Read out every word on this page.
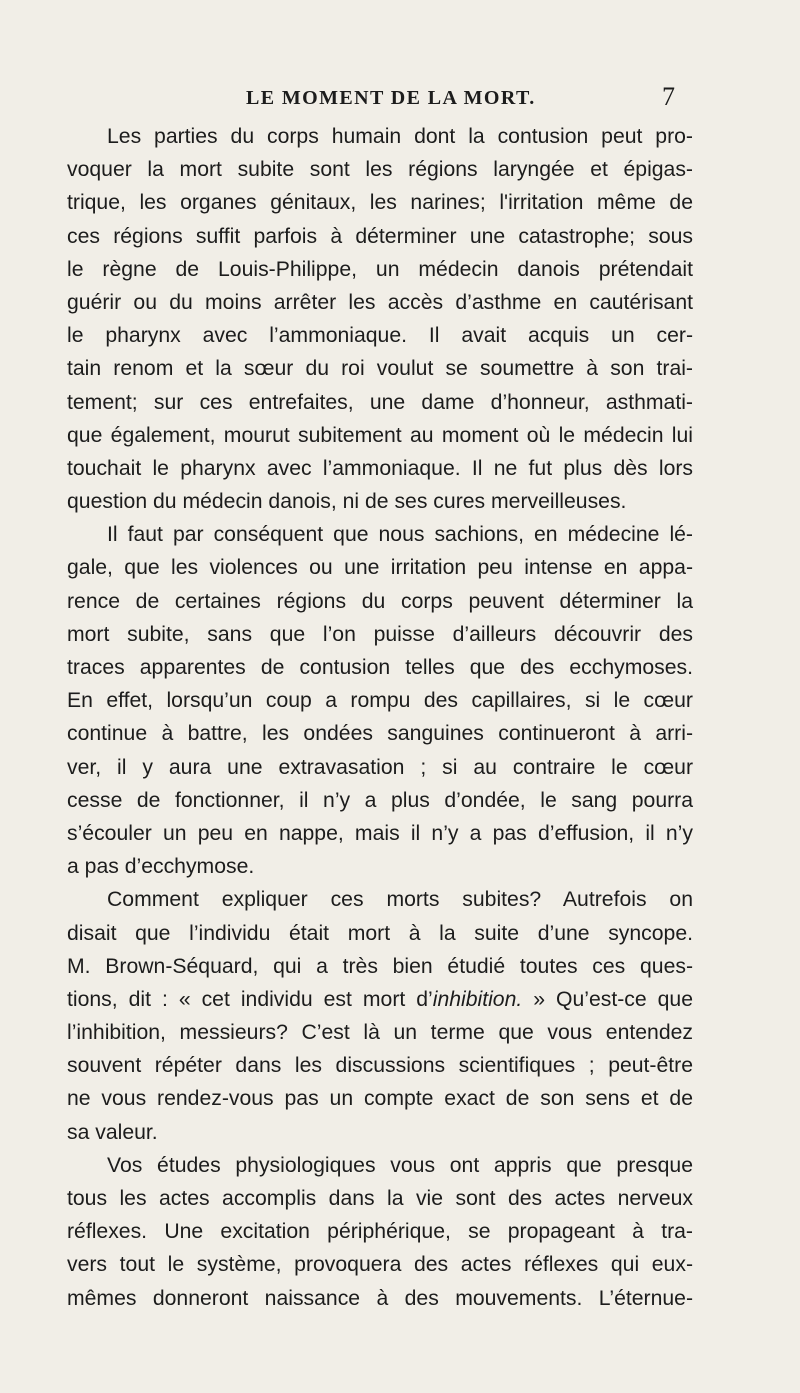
LE MOMENT DE LA MORT.	7
Les parties du corps humain dont la contusion peut pro-
voquer la mort subite sont les régions laryngée et épigas-
trique, les organes génitaux, les narines; l'irritation même de
ces régions suffit parfois à déterminer une catastrophe; sous
le règne de Louis-Philippe, un médecin danois prétendait
guérir ou du moins arrêter les accès d’asthme en cautérisant
le pharynx avec l’ammoniaque. Il avait acquis un cer-
tain renom et la sœur du roi voulut se soumettre à son trai-
tement; sur ces entrefaites, une dame d’honneur, asthmati-
que également, mourut subitement au moment où le médecin lui
touchait le pharynx avec l’ammoniaque. Il ne fut plus dès lors
question du médecin danois, ni de ses cures merveilleuses.
Il faut par conséquent que nous sachions, en médecine lé-
gale, que les violences ou une irritation peu intense en appa-
rence de certaines régions du corps peuvent déterminer la
mort subite, sans que l’on puisse d’ailleurs découvrir des
traces apparentes de contusion telles que des ecchymoses.
En effet, lorsqu’un coup a rompu des capillaires, si le cœur
continue à battre, les ondées sanguines continueront à arri-
ver, il y aura une extravasation ; si au contraire le cœur
cesse de fonctionner, il n’y a plus d’ondée, le sang pourra
s’écouler un peu en nappe, mais il n’y a pas d’effusion, il n’y
a pas d’ecchymose.
Comment expliquer ces morts subites? Autrefois on
disait que l’individu était mort à la suite d’une syncope.
M. Brown-Séquard, qui a très bien étudié toutes ces ques-
tions, dit : « cet individu est mort d’inhibition. » Qu’est-ce que
l’inhibition, messieurs? C’est là un terme que vous entendez
souvent répéter dans les discussions scientifiques ; peut-être
ne vous rendez-vous pas un compte exact de son sens et de
sa valeur.
Vos études physiologiques vous ont appris que presque
tous les actes accomplis dans la vie sont des actes nerveux
réflexes. Une excitation périphérique, se propageant à tra-
vers tout le système, provoquera des actes réflexes qui eux-
mêmes donneront naissance à des mouvements. L’éternue-
